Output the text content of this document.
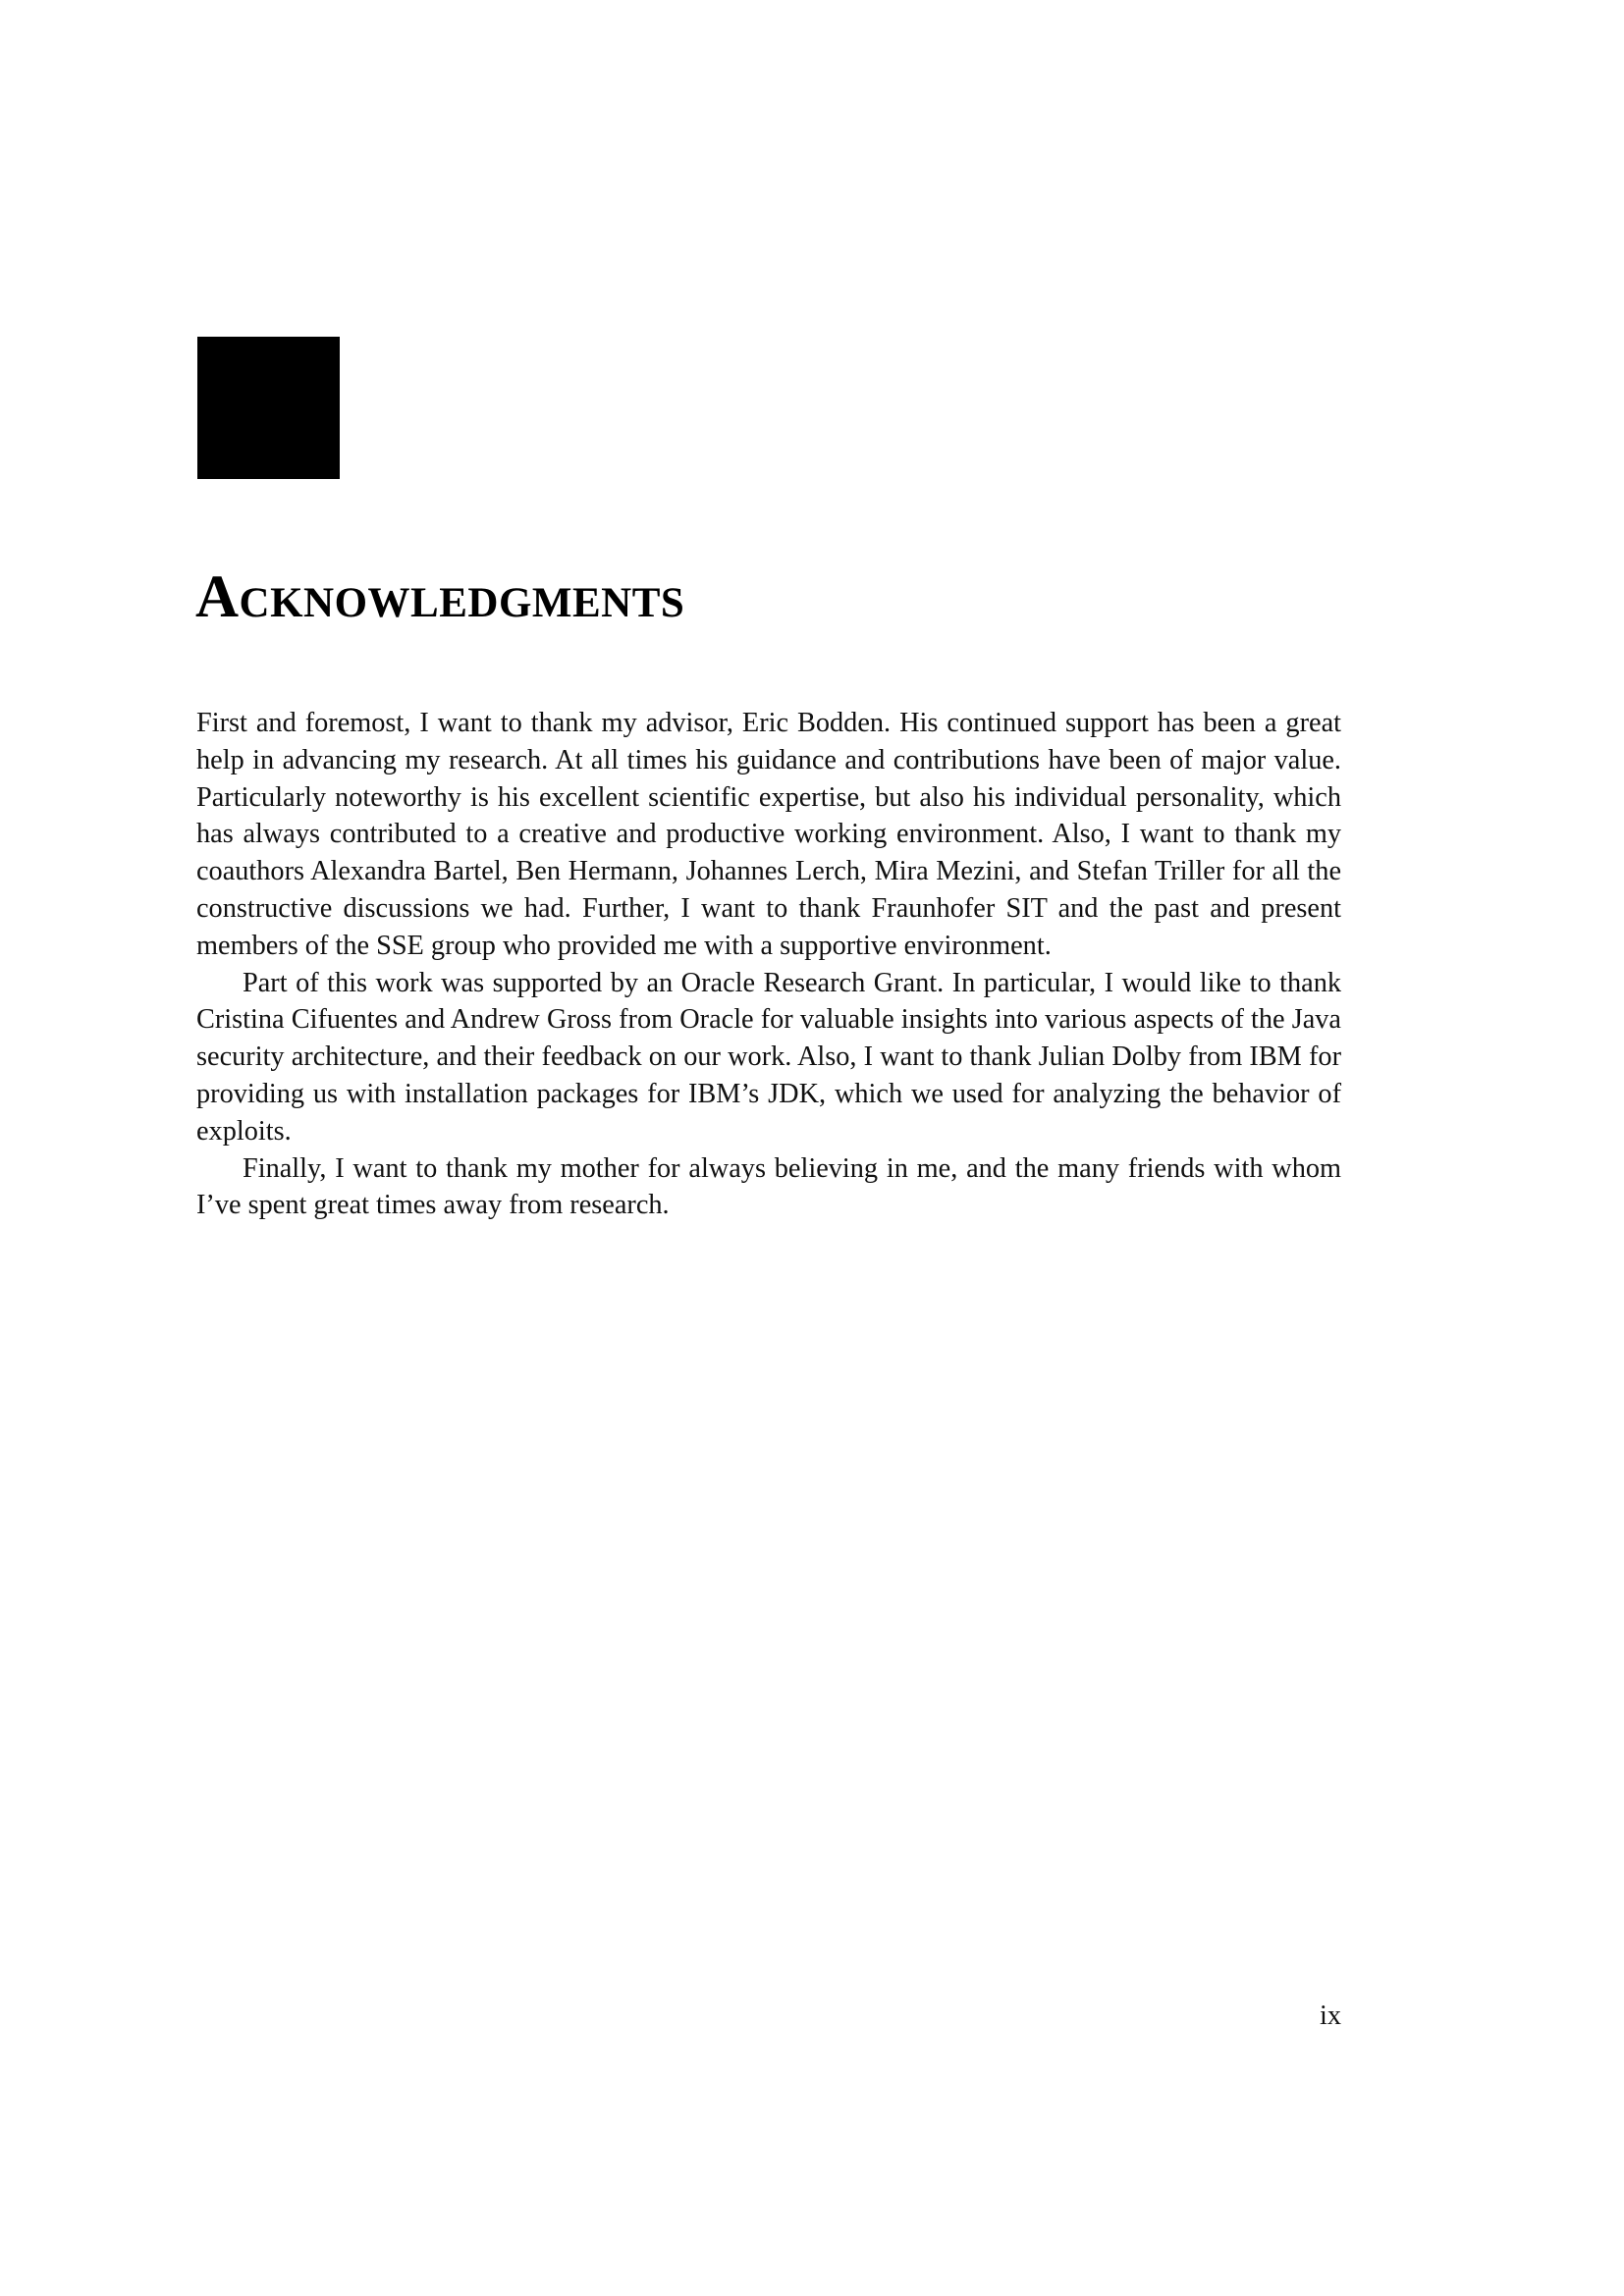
Acknowledgments

First and foremost, I want to thank my advisor, Eric Bodden. His continued support has been a great help in advancing my research. At all times his guidance and contributions have been of major value. Particularly noteworthy is his excellent scientific expertise, but also his individual personality, which has always contributed to a creative and productive working environment. Also, I want to thank my coauthors Alexandra Bartel, Ben Hermann, Johannes Lerch, Mira Mezini, and Stefan Triller for all the constructive discussions we had. Further, I want to thank Fraunhofer SIT and the past and present members of the SSE group who provided me with a supportive environment.

Part of this work was supported by an Oracle Research Grant. In particular, I would like to thank Cristina Cifuentes and Andrew Gross from Oracle for valuable insights into various aspects of the Java security architecture, and their feedback on our work. Also, I want to thank Julian Dolby from IBM for providing us with installation packages for IBM’s JDK, which we used for analyzing the behavior of exploits.

Finally, I want to thank my mother for always believing in me, and the many friends with whom I’ve spent great times away from research.

ix
